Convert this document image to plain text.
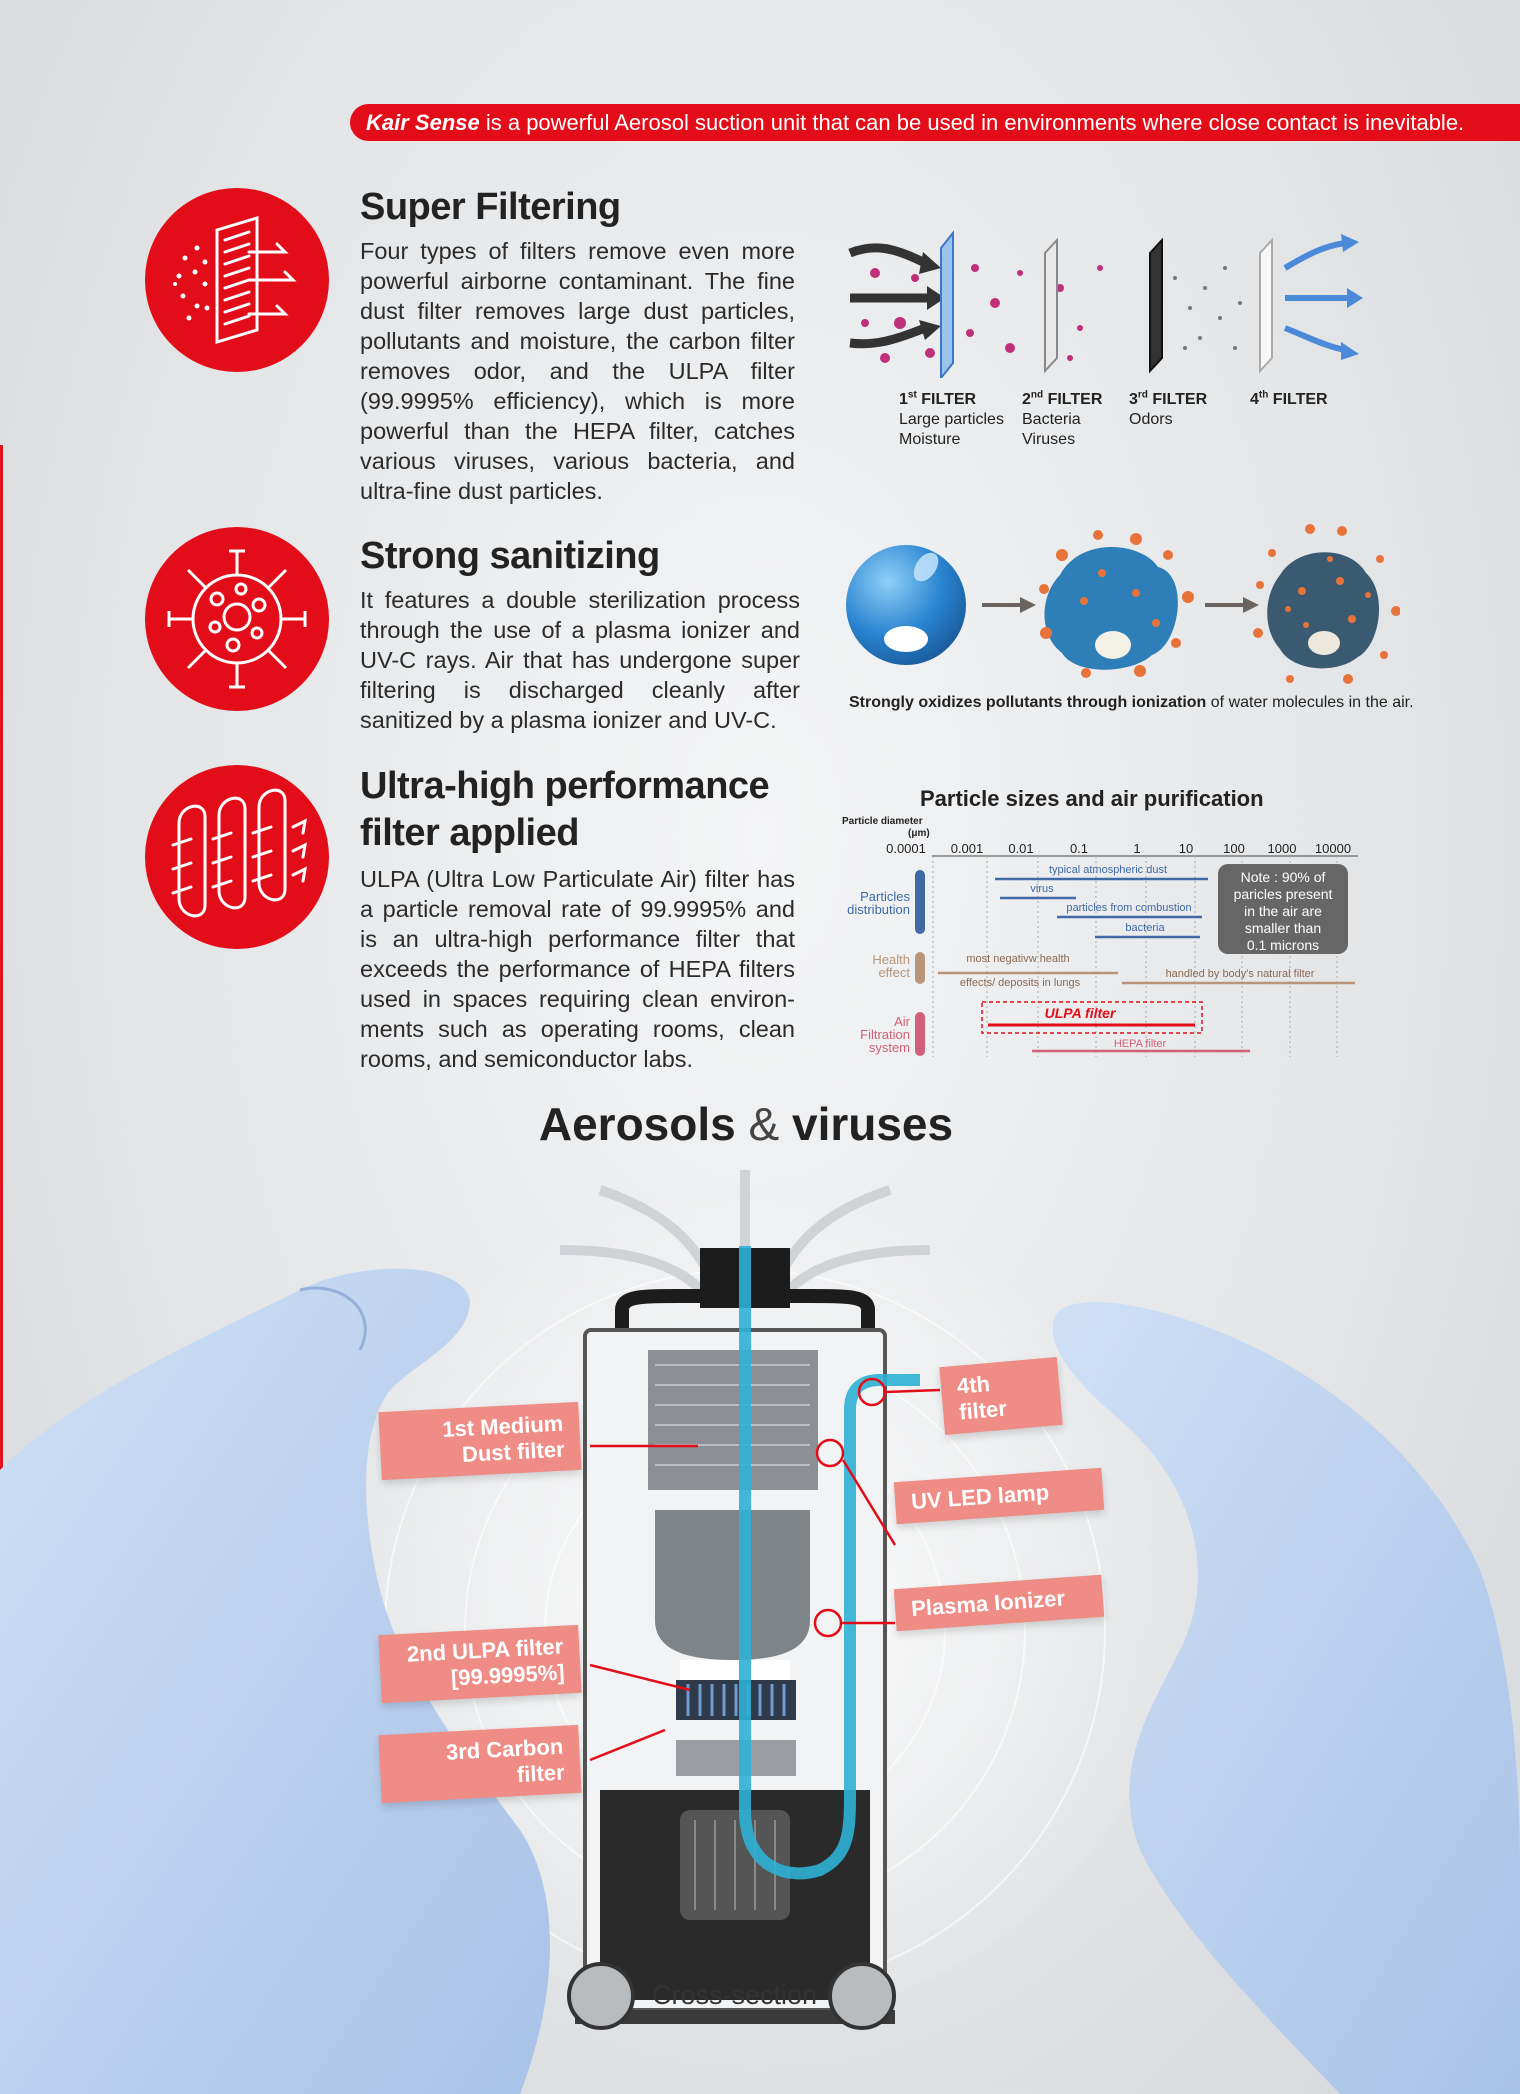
Kair Sense is a powerful Aerosol suction unit that can be used in environments where close contact is inevitable.
Super Filtering
Four types of filters remove even more powerful airborne contaminant. The fine dust filter removes large dust particles, pollutants and moisture, the carbon filter removes odor, and the ULPA filter (99.9995% efficiency), which is more powerful than the HEPA filter, catches various viruses, various bacteria, and ultra-fine dust particles.
1st FILTER
Large particles
Moisture
2nd FILTER
Bacteria
Viruses
3rd FILTER
Odors
4th FILTER
Strong sanitizing
It features a double sterilization process through the use of a plasma ionizer and UV-C rays. Air that has undergone super filtering is discharged cleanly after sanitized by a plasma ionizer and UV-C.
Strongly oxidizes pollutants through ionization of water molecules in the air.
Ultra-high performance
filter applied
ULPA (Ultra Low Particulate Air) filter has a particle removal rate of 99.9995% and is an ultra-high performance filter that exceeds the performance of HEPA filters used in spaces requiring clean environ-ments such as operating rooms, clean rooms, and semiconductor labs.
Particle sizes and air purification
Particle diameter
(μm)
0.0001 0.001 0.01	0.1	1	10 100 1000 10000
Particles
distribution
Health
effect
Air
Filtration
system
typical atmospheric dust
virus
particles from combustion
bacteria
most negativw health
effects/ deposits in lungs
handled by body's natural filter
ULPA filter
HEPA filter
Note : 90% of
paricles present
in the air are
smaller than
0.1 microns
Aerosols & viruses
1st Medium
Dust filter
2nd ULPA filter
[99.9995%]
3rd Carbon
filter
4th filter
UV LED lamp
Plasma Ionizer
Cross-section
